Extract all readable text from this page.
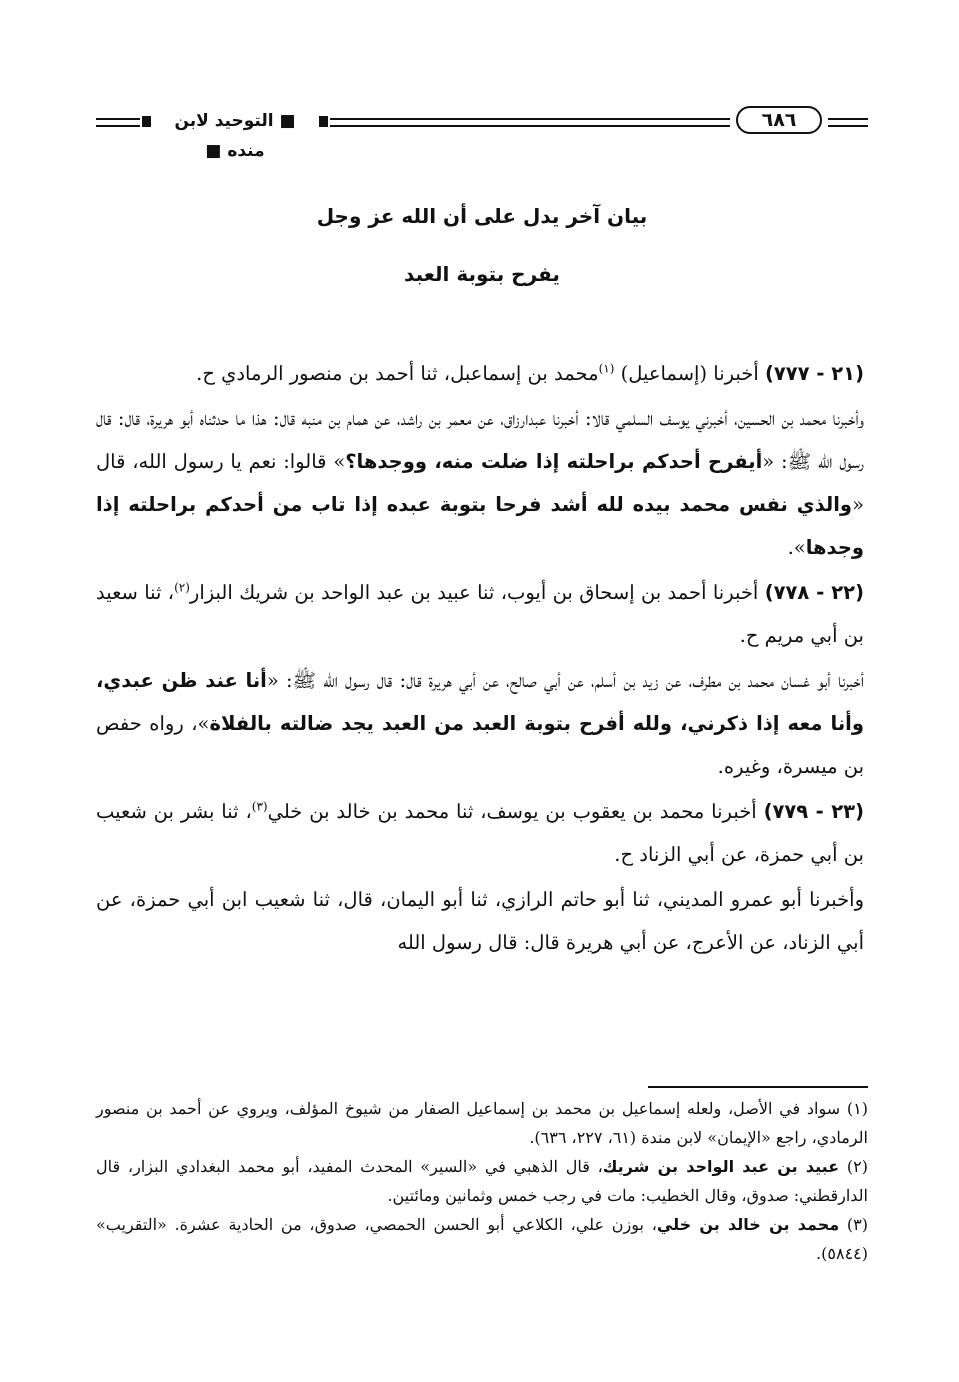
■ التوحيد لابن منده ■
٦٨٦
بيان آخر يدل على أن الله عز وجل
يفرح بتوبة العبد

(٢١ - ٧٧٧) أخبرنا (إسماعيل) $^{(١)}$محمد بن إسماعبل، ثنا أحمد بن منصور الرمادي ح.

وأخبرنا محمد بن الحسين، أخبرني يوسف السلمي قالا: أخبرنا عبدارزاق، عن معمر بن راشد، عن همام بن منبه قال: هذا ما حدثناه أبو هريرة، قال: قال رسول الله ﷺ: «أيفرح أحدكم براحلته إذا ضلت منه، ووجدها؟» قالوا: نعم يا رسول الله، قال «والذي نفس محمد بيده لله أشد فرحا بتوبة عبده إذا تاب من أحدكم براحلته إذا وجدها».

(٢٢ - ٧٧٨) أخبرنا أحمد بن إسحاق بن أيوب، ثنا عبيد بن عبد الواحد بن شريك البزار$^{(٢)}$، ثنا سعيد بن أبي مريم ح.

أخبرنا أبو غسان محمد بن مطرف، عن زيد بن أسلم، عن أبي صالح، عن أبي هريرة قال: قال رسول الله ﷺ: «أنا عند ظن عبدي، وأنا معه إذا ذكرني، ولله أفرح بتوبة العبد من العبد يجد ضالته بالفلاة»، رواه حفص بن ميسرة، وغيره.

(٢٣ - ٧٧٩) أخبرنا محمد بن يعقوب بن يوسف، ثنا محمد بن خالد بن خلي$^{(٣)}$، ثنا بشر بن شعيب بن أبي حمزة، عن أبي الزناد ح.

وأخبرنا أبو عمرو المديني، ثنا أبو حاتم الرازي، ثنا أبو اليمان، قال، ثنا شعيب ابن أبي حمزة، عن أبي الزناد، عن الأعرج، عن أبي هريرة قال: قال رسول الله

(١) سواد في الأصل، ولعله إسماعيل بن محمد بن إسماعيل الصفار من شيوخ المؤلف، ويروي عن أحمد بن منصور الرمادي، راجع «الإيمان» لابن مندة (٦١، ٢٢٧، ٦٣٦).

(٢) عبيد بن عبد الواحد بن شريك، قال الذهبي في «السير» المحدث المفيد، أبو محمد البغدادي البزار، قال الدارقطني: صدوق، وقال الخطيب: مات في رجب خمس وثمانين ومائتين.

(٣) محمد بن خالد بن خلي، بوزن علي، الكلاعي أبو الحسن الحمصي، صدوق، من الحادية عشرة. «التقريب» (٥٨٤٤).
